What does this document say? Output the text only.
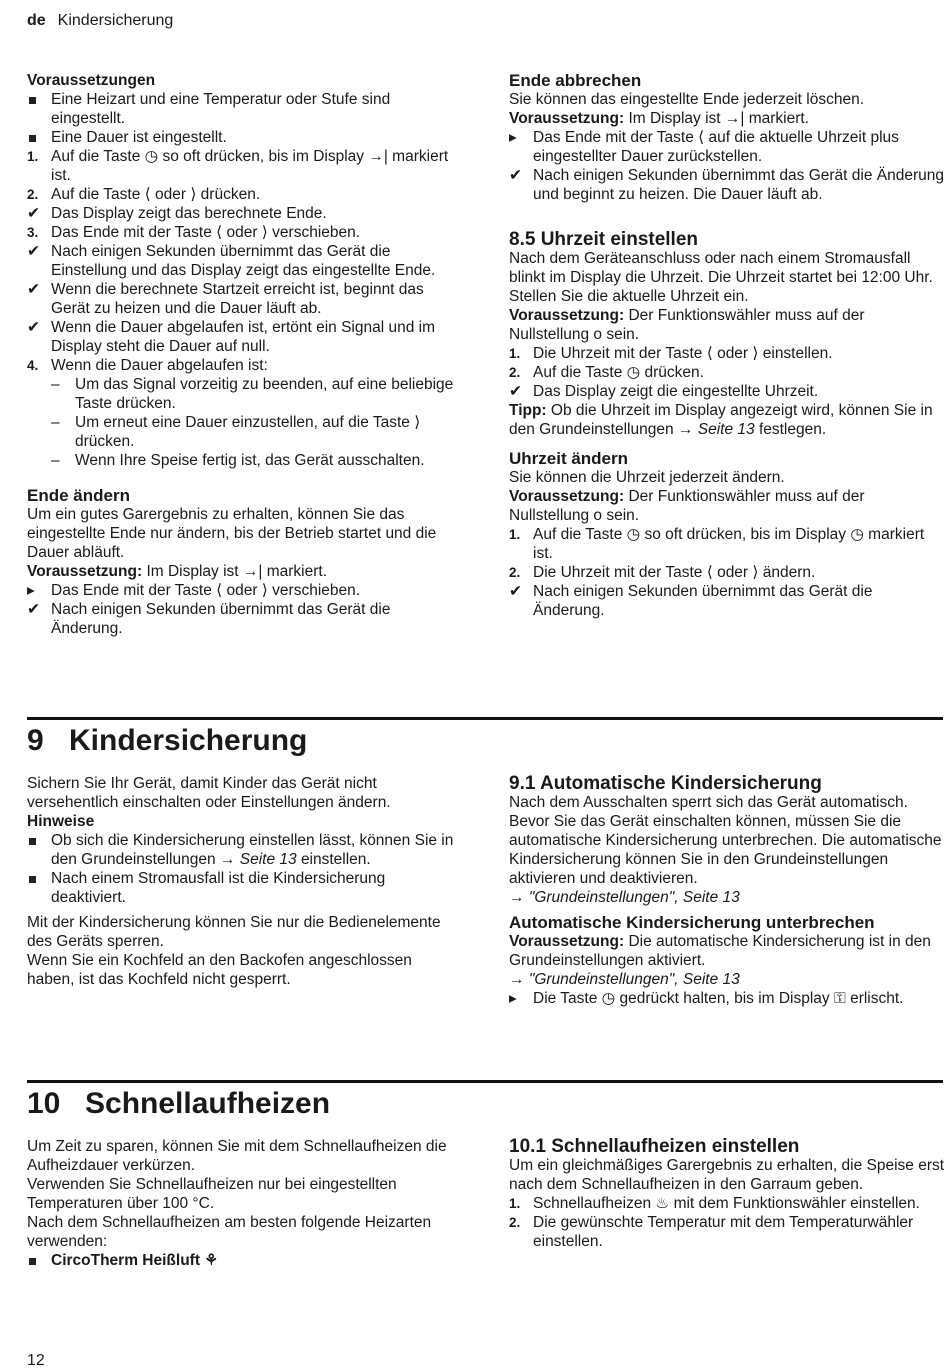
de Kindersicherung

Voraussetzungen

Eine Heizart und eine Temperatur oder Stufe sind eingestellt.
Eine Dauer ist eingestellt.
1. Auf die Taste ◷ so oft drücken, bis im Display →| markiert ist.
2. Auf die Taste ⟨ oder ⟩ drücken.
✔ Das Display zeigt das berechnete Ende.
3. Das Ende mit der Taste ⟨ oder ⟩ verschieben.
✔ Nach einigen Sekunden übernimmt das Gerät die Einstellung und das Display zeigt das eingestellte Ende.
✔ Wenn die berechnete Startzeit erreicht ist, beginnt das Gerät zu heizen und die Dauer läuft ab.
✔ Wenn die Dauer abgelaufen ist, ertönt ein Signal und im Display steht die Dauer auf null.
4. Wenn die Dauer abgelaufen ist:
– Um das Signal vorzeitig zu beenden, auf eine beliebige Taste drücken.
– Um erneut eine Dauer einzustellen, auf die Taste ⟩ drücken.
– Wenn Ihre Speise fertig ist, das Gerät ausschalten.

Ende ändern

Um ein gutes Garergebnis zu erhalten, können Sie das eingestellte Ende nur ändern, bis der Betrieb startet und die Dauer abläuft.

Voraussetzung: Im Display ist →| markiert.

▸	Das Ende mit der Taste ⟨ oder ⟩ verschieben.
✔ Nach einigen Sekunden übernimmt das Gerät die Änderung.

Ende abbrechen

Sie können das eingestellte Ende jederzeit löschen.

Voraussetzung: Im Display ist →| markiert.

▸	Das Ende mit der Taste ⟨ auf die aktuelle Uhrzeit plus eingestellter Dauer zurückstellen.
✔ Nach einigen Sekunden übernimmt das Gerät die Änderung und beginnt zu heizen. Die Dauer läuft ab.

8.5 Uhrzeit einstellen

Nach dem Geräteanschluss oder nach einem Stromausfall blinkt im Display die Uhrzeit. Die Uhrzeit startet bei 12:00 Uhr. Stellen Sie die aktuelle Uhrzeit ein.

Voraussetzung: Der Funktionswähler muss auf der Nullstellung o sein.

1. Die Uhrzeit mit der Taste ⟨ oder ⟩ einstellen.
2. Auf die Taste ◷ drücken.
✔ Das Display zeigt die eingestellte Uhrzeit.

Tipp: Ob die Uhrzeit im Display angezeigt wird, können Sie in den Grundeinstellungen → Seite 13 festlegen.

Uhrzeit ändern

Sie können die Uhrzeit jederzeit ändern.

Voraussetzung: Der Funktionswähler muss auf der Nullstellung o sein.

1. Auf die Taste ◷ so oft drücken, bis im Display ◷ markiert ist.
2. Die Uhrzeit mit der Taste ⟨ oder ⟩ ändern.
✔ Nach einigen Sekunden übernimmt das Gerät die Änderung.
9 Kindersicherung

Sichern Sie Ihr Gerät, damit Kinder das Gerät nicht versehentlich einschalten oder Einstellungen ändern.

Hinweise

Ob sich die Kindersicherung einstellen lässt, können Sie in den Grundeinstellungen → Seite 13 einstellen.
Nach einem Stromausfall ist die Kindersicherung deaktiviert.

Mit der Kindersicherung können Sie nur die Bedienelemente des Geräts sperren.

Wenn Sie ein Kochfeld an den Backofen angeschlossen haben, ist das Kochfeld nicht gesperrt.

9.1 Automatische Kindersicherung

Nach dem Ausschalten sperrt sich das Gerät automatisch. Bevor Sie das Gerät einschalten können, müssen Sie die automatische Kindersicherung unterbrechen. Die automatische Kindersicherung können Sie in den Grundeinstellungen aktivieren und deaktivieren.

→ "Grundeinstellungen", Seite 13

Automatische Kindersicherung unterbrechen

Voraussetzung: Die automatische Kindersicherung ist in den Grundeinstellungen aktiviert.

→ "Grundeinstellungen", Seite 13

▸	Die Taste ◷ gedrückt halten, bis im Display ⚿ erlischt.
10 Schnellaufheizen

Um Zeit zu sparen, können Sie mit dem Schnellaufheizen die Aufheizdauer verkürzen.

Verwenden Sie Schnellaufheizen nur bei eingestellten Temperaturen über 100 °C.

Nach dem Schnellaufheizen am besten folgende Heizarten verwenden:

CircoTherm Heißluft ⚘

10.1 Schnellaufheizen einstellen

Um ein gleichmäßiges Garergebnis zu erhalten, die Speise erst nach dem Schnellaufheizen in den Garraum geben.

1. Schnellaufheizen ♨ mit dem Funktionswähler einstellen.
2. Die gewünschte Temperatur mit dem Temperaturwähler einstellen.
12
